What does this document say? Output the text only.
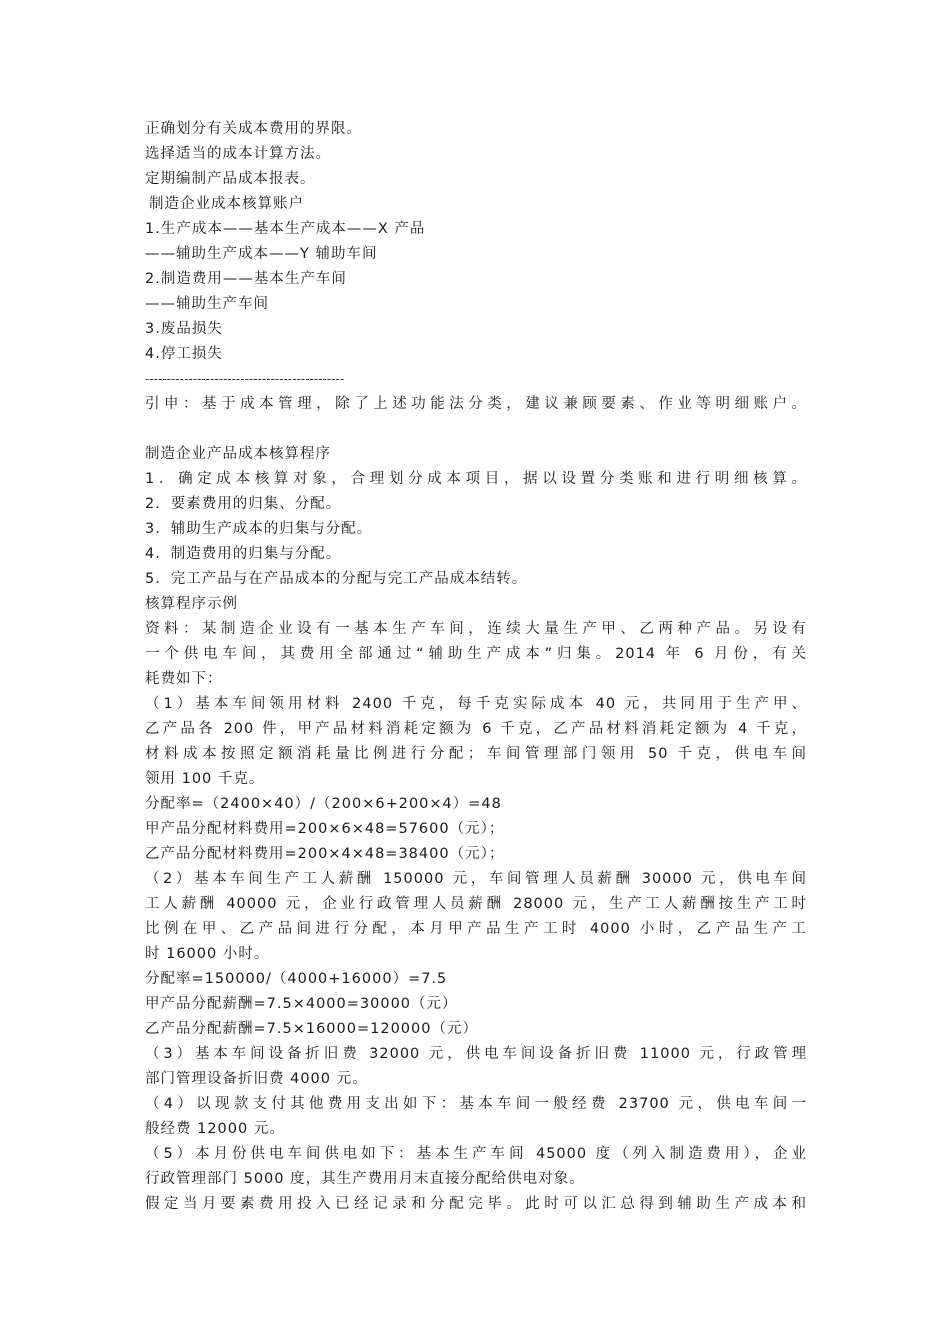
正确划分有关成本费用的界限。
选择适当的成本计算方法。
定期编制产品成本报表。
制造企业成本核算账户
1.生产成本——基本生产成本——X 产品
——辅助生产成本——Y 辅助车间
2.制造费用——基本生产车间
——辅助生产车间
3.废品损失
4.停工损失
----------------------------------------------
引申：基于成本管理，除了上述功能法分类，建议兼顾要素、作业等明细账户。
制造企业产品成本核算程序
1．确定成本核算对象，合理划分成本项目，据以设置分类账和进行明细核算。
2．要素费用的归集、分配。
3．辅助生产成本的归集与分配。
4．制造费用的归集与分配。
5．完工产品与在产品成本的分配与完工产品成本结转。
核算程序示例
资料：某制造企业设有一基本生产车间，连续大量生产甲、乙两种产品。另设有
一个供电车间，其费用全部通过“辅助生产成本”归集。2014 年 6 月份，有关
耗费如下：
（1）基本车间领用材料 2400 千克，每千克实际成本 40 元，共同用于生产甲、
乙产品各 200 件，甲产品材料消耗定额为 6 千克，乙产品材料消耗定额为 4 千克，
材料成本按照定额消耗量比例进行分配；车间管理部门领用 50 千克，供电车间
领用 100 千克。
分配率=（2400×40）/（200×6+200×4）=48
甲产品分配材料费用=200×6×48=57600（元）；
乙产品分配材料费用=200×4×48=38400（元）；
（2）基本车间生产工人薪酬 150000 元，车间管理人员薪酬 30000 元，供电车间
工人薪酬 40000 元，企业行政管理人员薪酬 28000 元，生产工人薪酬按生产工时
比例在甲、乙产品间进行分配，本月甲产品生产工时 4000 小时，乙产品生产工
时 16000 小时。
分配率=150000/（4000+16000）=7.5
甲产品分配薪酬=7.5×4000=30000（元）
乙产品分配薪酬=7.5×16000=120000（元）
（3）基本车间设备折旧费 32000 元，供电车间设备折旧费 11000 元，行政管理
部门管理设备折旧费 4000 元。
（4）以现款支付其他费用支出如下：基本车间一般经费 23700 元，供电车间一
般经费 12000 元。
（5）本月份供电车间供电如下：基本生产车间 45000 度（列入制造费用），企业
行政管理部门 5000 度，其生产费用月末直接分配给供电对象。
假定当月要素费用投入已经记录和分配完毕。此时可以汇总得到辅助生产成本和
